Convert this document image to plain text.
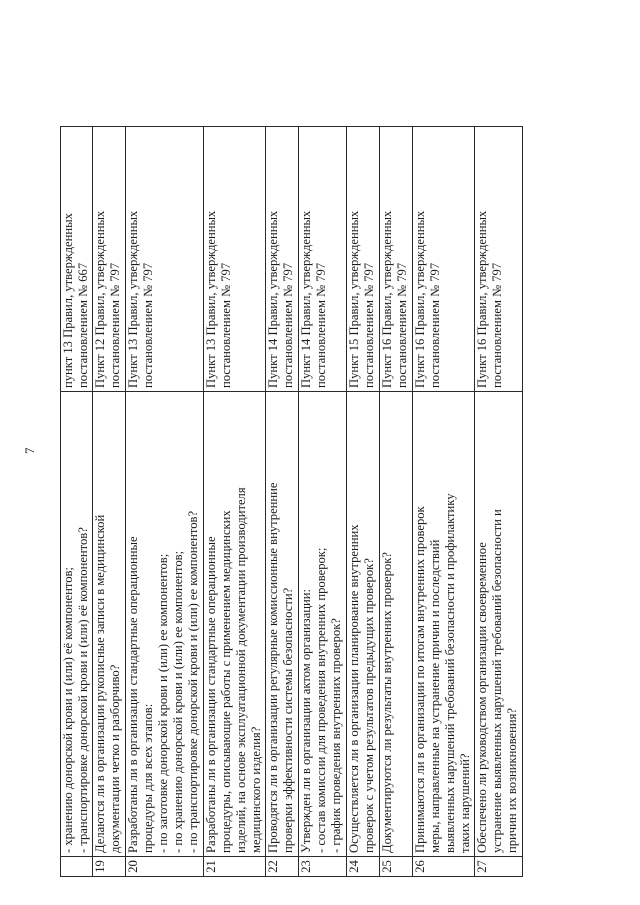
7

	- хранению донорской крови и (или) её компонентов; - транспортировке донорской крови и (или) её компонентов?	пункт 13 Правил, утвержденных постановлением № 667

19	Делаются ли в организации рукописные записи в медицинской документации четко и разборчиво?	Пункт 12 Правил, утвержденных постановлением № 797

20	Разработаны ли в организации стандартные операционные процедуры для всех этапов: - по заготовке донорской крови и (или) ее компонентов; - по хранению донорской крови и (или) ее компонентов; - по транспортировке донорской крови и (или) ее компонентов?	Пункт 13 Правил, утвержденных постановлением № 797

21	Разработаны ли в организации стандартные операционные процедуры, описывающие работы с применением медицинских изделий, на основе эксплуатационной документации производителя медицинского изделия?	Пункт 13 Правил, утвержденных постановлением № 797

22	Проводятся ли в организации регулярные комиссионные внутренние проверки эффективности системы безопасности?	Пункт 14 Правил, утвержденных постановлением № 797

23	Утвержден ли в организации актом организации: - состав комиссии для проведения внутренних проверок; - график проведения внутренних проверок?	Пункт 14 Правил, утвержденных постановлением № 797

24	Осуществляется ли в организации планирование внутренних проверок с учетом результатов предыдущих проверок?	Пункт 15 Правил, утвержденных постановлением № 797

25	Документируются ли результаты внутренних проверок?	Пункт 16 Правил, утвержденных постановлением № 797

26	Принимаются ли в организации по итогам внутренних проверок меры, направленные на устранение причин и последствий выявленных нарушений требований безопасности и профилактику таких нарушений?	Пункт 16 Правил, утвержденных постановлением № 797

27	Обеспечено ли руководством организации своевременное устранение выявленных нарушений требований безопасности и причин их возникновения?	Пункт 16 Правил, утвержденных постановлением № 797
